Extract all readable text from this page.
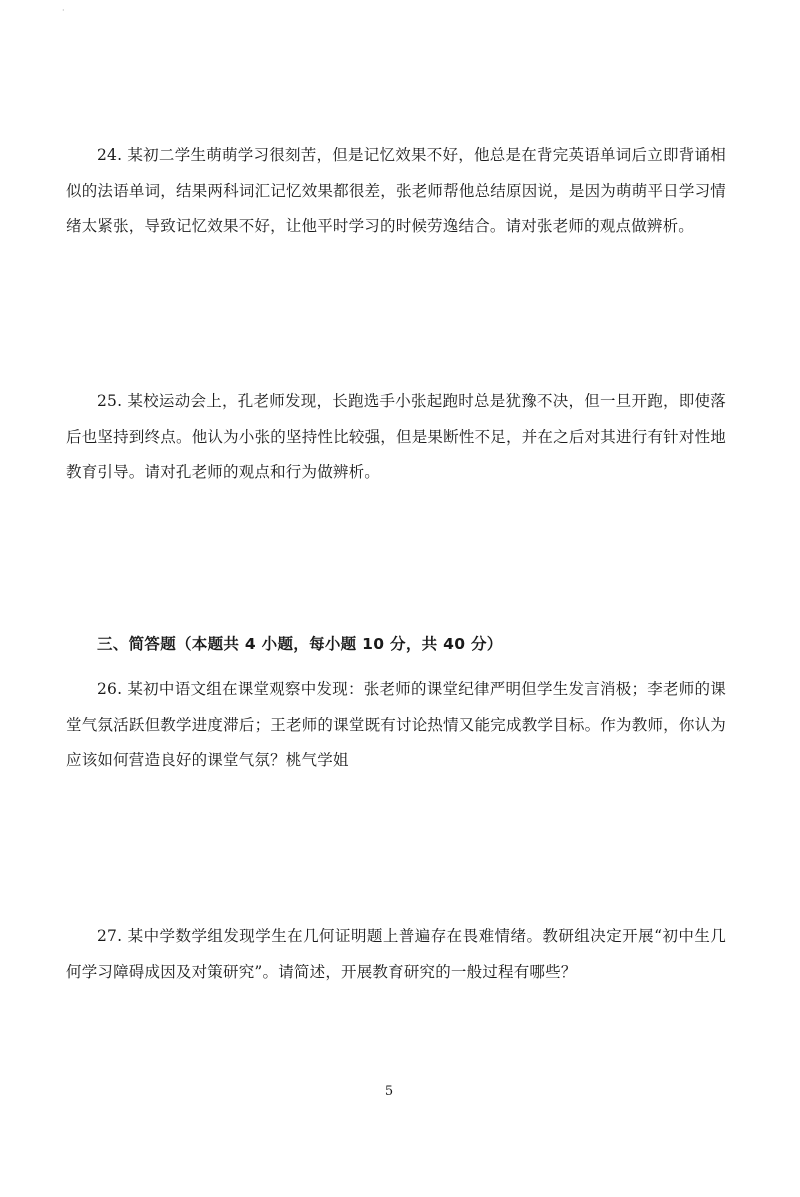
·

24. 某初二学生萌萌学习很刻苦，但是记忆效果不好，他总是在背完英语单词后立即背诵相似的法语单词，结果两科词汇记忆效果都很差，张老师帮他总结原因说，是因为萌萌平日学习情绪太紧张，导致记忆效果不好，让他平时学习的时候劳逸结合。请对张老师的观点做辨析。

25. 某校运动会上，孔老师发现，长跑选手小张起跑时总是犹豫不决，但一旦开跑，即使落后也坚持到终点。他认为小张的坚持性比较强，但是果断性不足，并在之后对其进行有针对性地教育引导。请对孔老师的观点和行为做辨析。

三、简答题（本题共 4 小题，每小题 10 分，共 40 分）

26. 某初中语文组在课堂观察中发现：张老师的课堂纪律严明但学生发言消极；李老师的课堂气氛活跃但教学进度滞后；王老师的课堂既有讨论热情又能完成教学目标。作为教师，你认为应该如何营造良好的课堂气氛？桃气学姐

27. 某中学数学组发现学生在几何证明题上普遍存在畏难情绪。教研组决定开展“初中生几何学习障碍成因及对策研究”。请简述，开展教育研究的一般过程有哪些？

5
